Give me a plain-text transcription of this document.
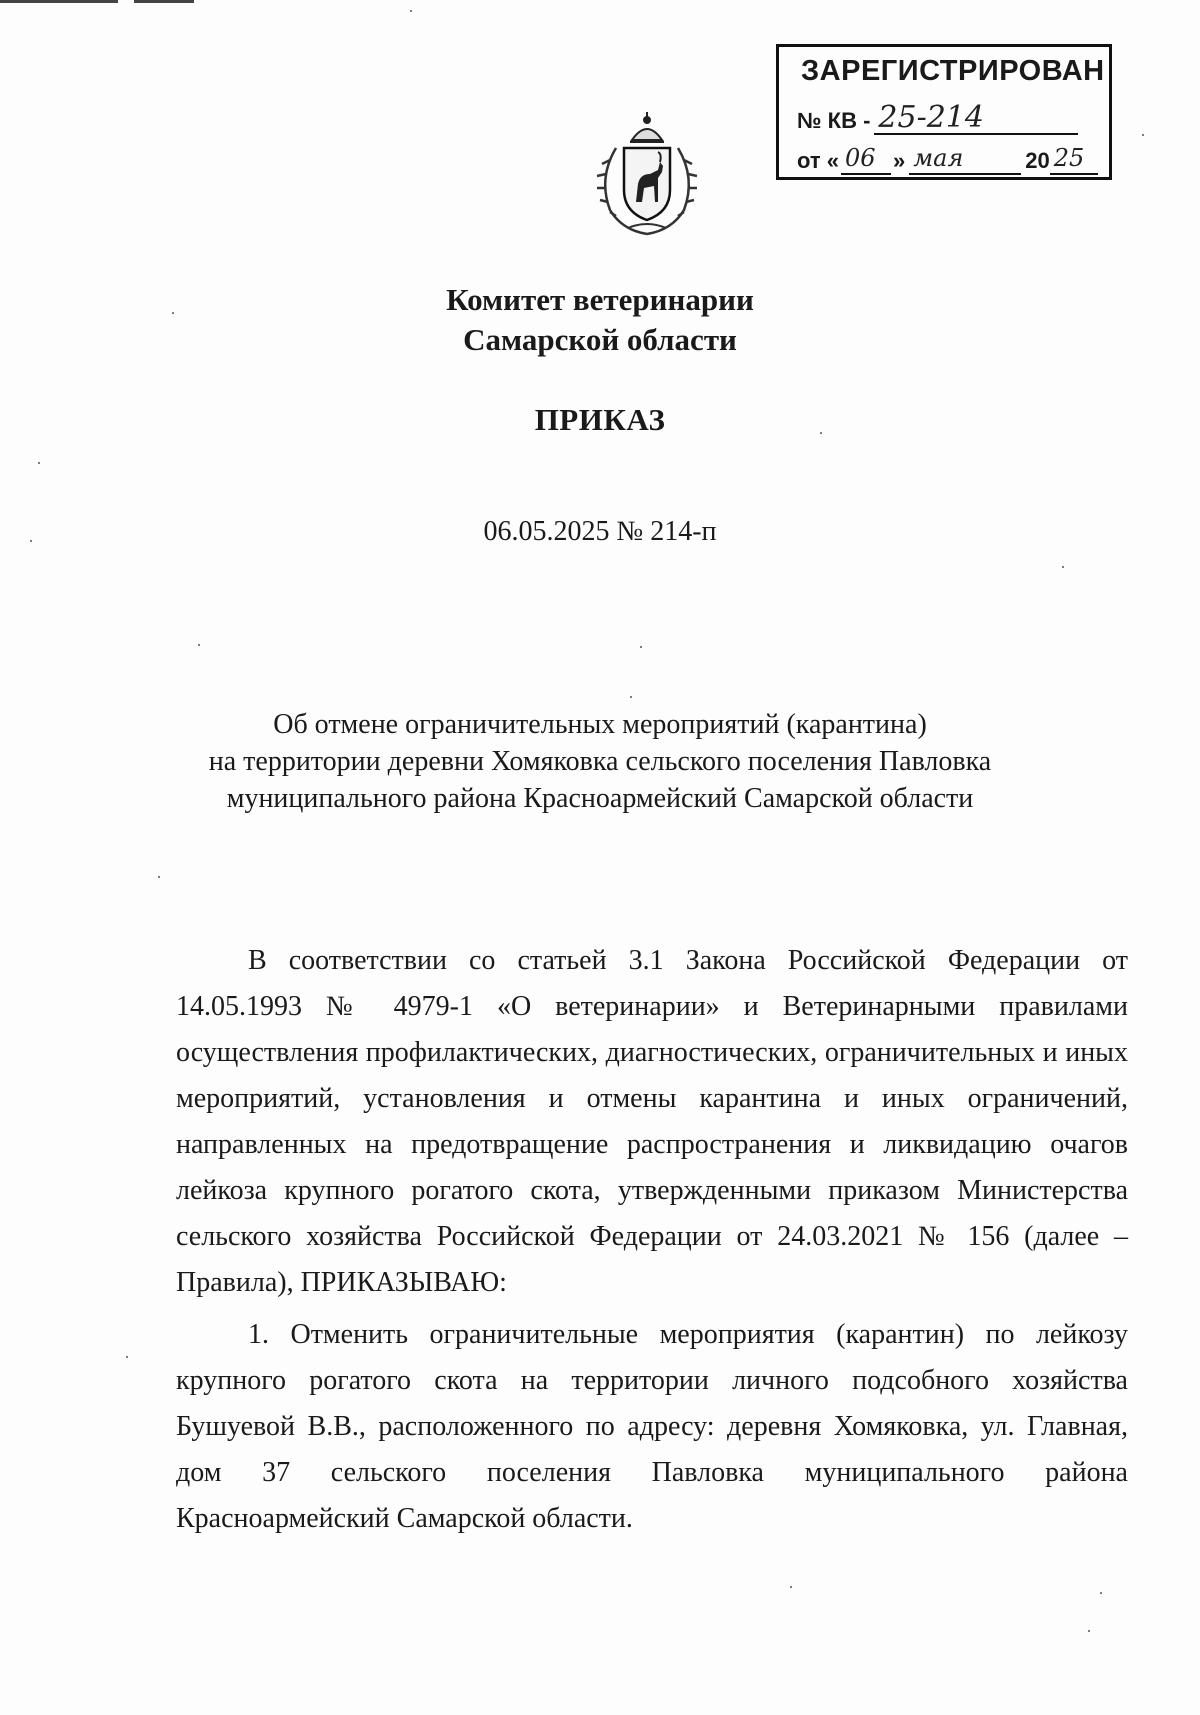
ЗАРЕГИСТРИРОВАН
№ КВ - 25-214
от « 06 » мая	20 25
Комитет ветеринарии
Самарской области
ПРИКАЗ
06.05.2025 № 214-п
Об отмене ограничительных мероприятий (карантина)
на территории деревни Хомяковка сельского поселения Павловка
муниципального района Красноармейский Самарской области

В соответствии со статьей 3.1 Закона Российской Федерации от 14.05.1993 № 4979-1 «О ветеринарии» и Ветеринарными правилами осуществления профилактических, диагностических, ограничительных и иных мероприятий, установления и отмены карантина и иных ограничений, направленных на предотвращение распространения и ликвидацию очагов лейкоза крупного рогатого скота, утвержденными приказом Министерства сельского хозяйства Российской Федерации от 24.03.2021 № 156 (далее – Правила), ПРИКАЗЫВАЮ:

1. Отменить ограничительные мероприятия (карантин) по лейкозу крупного рогатого скота на территории личного подсобного хозяйства Бушуевой В.В., расположенного по адресу: деревня Хомяковка, ул. Главная, дом 37 сельского поселения Павловка муниципального района Красноармейский Самарской области.
